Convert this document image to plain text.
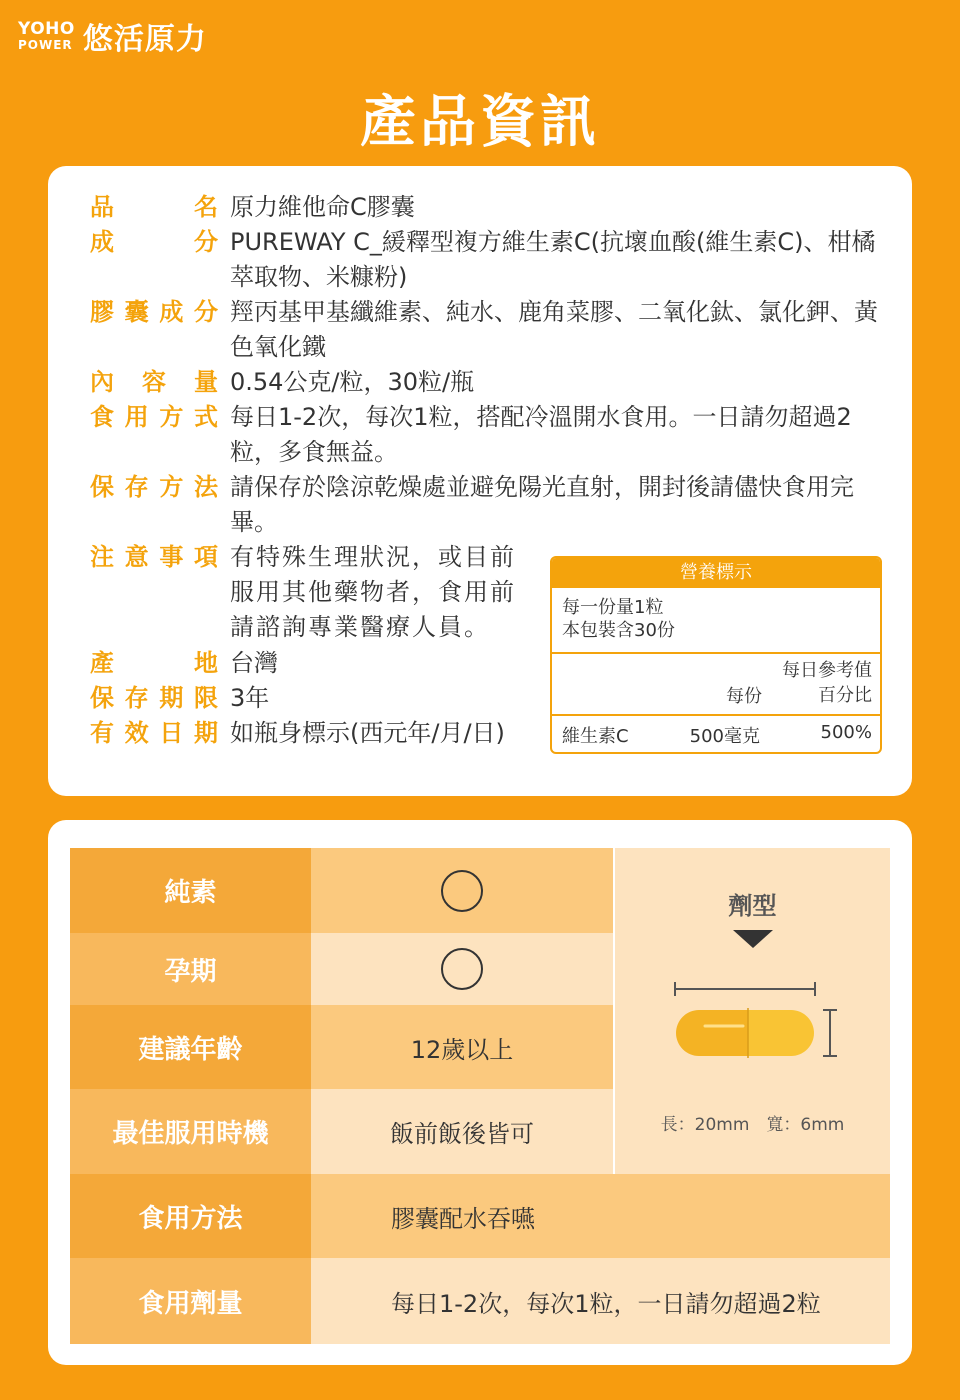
YOHO
POWER 悠活原力
產品資訊
品	名 原力維他命C膠囊
成	分 PUREWAY C_緩釋型複方維生素C(抗壞血酸(維生素C)、柑橘萃取物、米糠粉)
膠 囊 成 分 羥丙基甲基纖維素、純水、鹿角菜膠、二氧化鈦、氯化鉀、黃色氧化鐵
內 容 量 0.54公克/粒，30粒/瓶
食 用 方 式 每日1-2次，每次1粒，搭配冷溫開水食用。一日請勿超過2粒，多食無益。
保 存 方 法 請保存於陰涼乾燥處並避免陽光直射，開封後請儘快食用完畢。
注 意 事 項 有特殊生理狀況，或目前服用其他藥物者，食用前請諮詢專業醫療人員。
產	地 台灣
保 存 期 限 3年
有 效 日 期 如瓶身標示(西元年/月/日)
營養標示
每一份量1粒
本包裝含30份
每份
每日參考值
百分比
維生素C	500毫克	500%
純素
孕期
建議年齡	12歲以上
最佳服用時機	飯前飯後皆可
劑型
長：20mm　寬：6mm
食用方法	膠囊配水吞嚥
食用劑量	每日1-2次，每次1粒，一日請勿超過2粒
